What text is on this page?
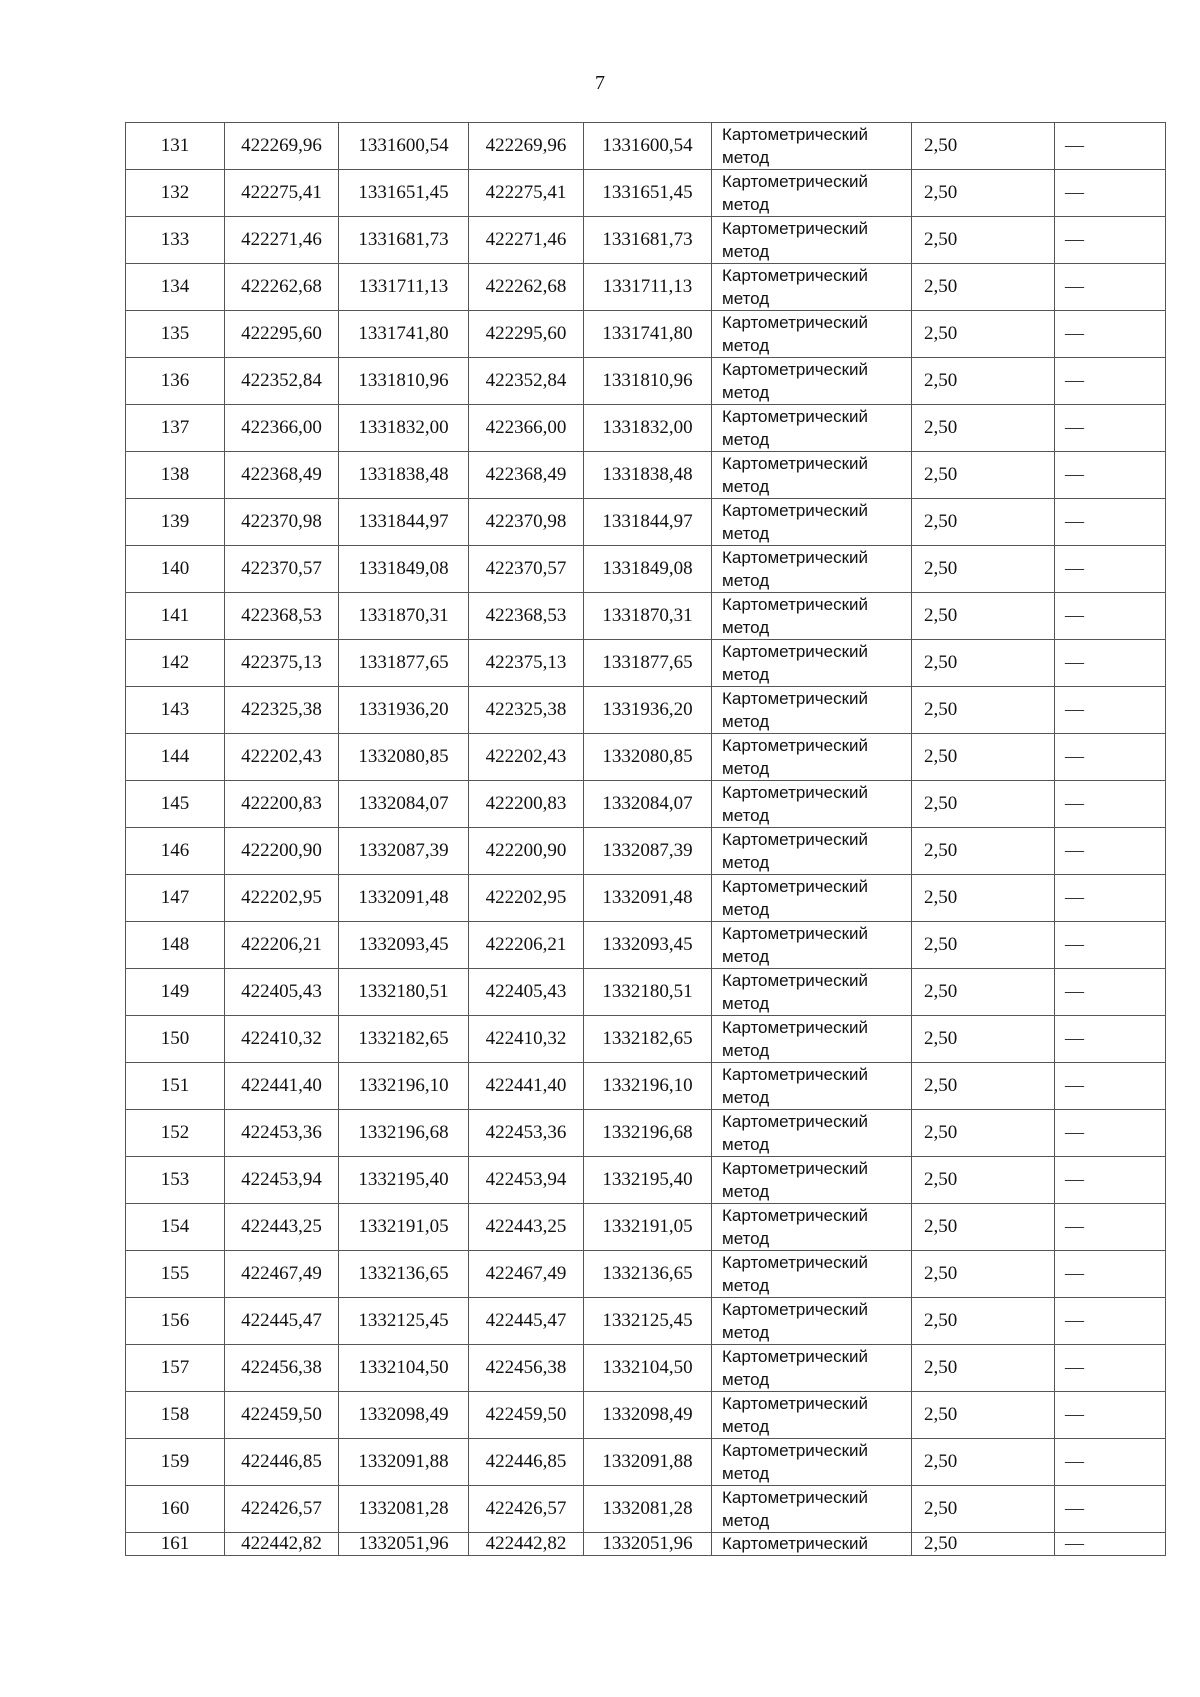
7
131	422269,96	1331600,54	422269,96	1331600,54	Картометрический
метод	2,50	—
132	422275,41	1331651,45	422275,41	1331651,45	Картометрический
метод	2,50	—
133	422271,46	1331681,73	422271,46	1331681,73	Картометрический
метод	2,50	—
134	422262,68	1331711,13	422262,68	1331711,13	Картометрический
метод	2,50	—
135	422295,60	1331741,80	422295,60	1331741,80	Картометрический
метод	2,50	—
136	422352,84	1331810,96	422352,84	1331810,96	Картометрический
метод	2,50	—
137	422366,00	1331832,00	422366,00	1331832,00	Картометрический
метод	2,50	—
138	422368,49	1331838,48	422368,49	1331838,48	Картометрический
метод	2,50	—
139	422370,98	1331844,97	422370,98	1331844,97	Картометрический
метод	2,50	—
140	422370,57	1331849,08	422370,57	1331849,08	Картометрический
метод	2,50	—
141	422368,53	1331870,31	422368,53	1331870,31	Картометрический
метод	2,50	—
142	422375,13	1331877,65	422375,13	1331877,65	Картометрический
метод	2,50	—
143	422325,38	1331936,20	422325,38	1331936,20	Картометрический
метод	2,50	—
144	422202,43	1332080,85	422202,43	1332080,85	Картометрический
метод	2,50	—
145	422200,83	1332084,07	422200,83	1332084,07	Картометрический
метод	2,50	—
146	422200,90	1332087,39	422200,90	1332087,39	Картометрический
метод	2,50	—
147	422202,95	1332091,48	422202,95	1332091,48	Картометрический
метод	2,50	—
148	422206,21	1332093,45	422206,21	1332093,45	Картометрический
метод	2,50	—
149	422405,43	1332180,51	422405,43	1332180,51	Картометрический
метод	2,50	—
150	422410,32	1332182,65	422410,32	1332182,65	Картометрический
метод	2,50	—
151	422441,40	1332196,10	422441,40	1332196,10	Картометрический
метод	2,50	—
152	422453,36	1332196,68	422453,36	1332196,68	Картометрический
метод	2,50	—
153	422453,94	1332195,40	422453,94	1332195,40	Картометрический
метод	2,50	—
154	422443,25	1332191,05	422443,25	1332191,05	Картометрический
метод	2,50	—
155	422467,49	1332136,65	422467,49	1332136,65	Картометрический
метод	2,50	—
156	422445,47	1332125,45	422445,47	1332125,45	Картометрический
метод	2,50	—
157	422456,38	1332104,50	422456,38	1332104,50	Картометрический
метод	2,50	—
158	422459,50	1332098,49	422459,50	1332098,49	Картометрический
метод	2,50	—
159	422446,85	1332091,88	422446,85	1332091,88	Картометрический
метод	2,50	—
160	422426,57	1332081,28	422426,57	1332081,28	Картометрический
метод	2,50	—
161	422442,82	1332051,96	422442,82	1332051,96	Картометрический	2,50	—
